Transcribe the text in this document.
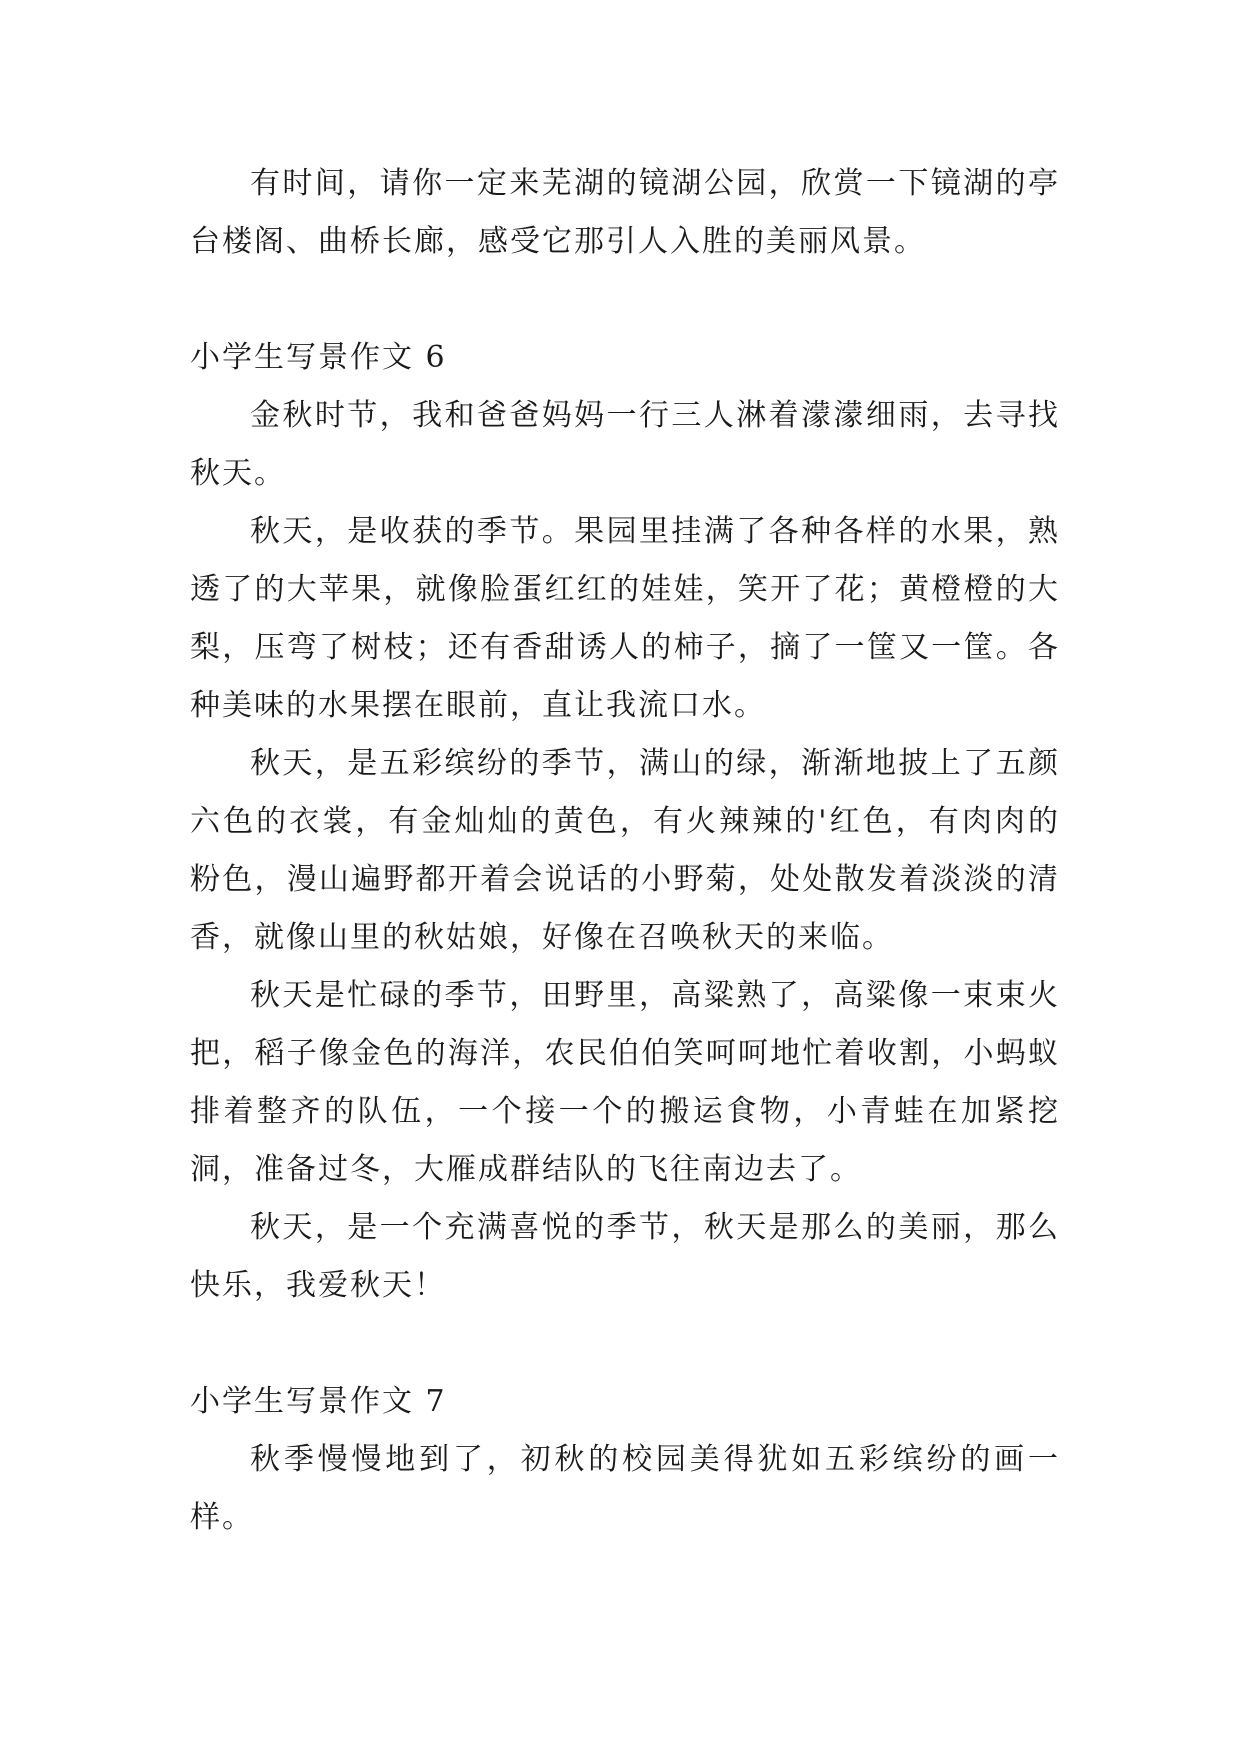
有时间，请你一定来芜湖的镜湖公园，欣赏一下镜湖的亭台楼阁、曲桥长廊，感受它那引人入胜的美丽风景。

小学生写景作文 6

金秋时节，我和爸爸妈妈一行三人淋着濛濛细雨，去寻找秋天。

秋天，是收获的季节。果园里挂满了各种各样的水果，熟透了的大苹果，就像脸蛋红红的娃娃，笑开了花；黄橙橙的大梨，压弯了树枝；还有香甜诱人的柿子，摘了一筐又一筐。各种美味的水果摆在眼前，直让我流口水。

秋天，是五彩缤纷的季节，满山的绿，渐渐地披上了五颜六色的衣裳，有金灿灿的黄色，有火辣辣的'红色，有肉肉的粉色，漫山遍野都开着会说话的小野菊，处处散发着淡淡的清香，就像山里的秋姑娘，好像在召唤秋天的来临。

秋天是忙碌的季节，田野里，高粱熟了，高粱像一束束火把，稻子像金色的海洋，农民伯伯笑呵呵地忙着收割，小蚂蚁排着整齐的队伍，一个接一个的搬运食物，小青蛙在加紧挖洞，准备过冬，大雁成群结队的飞往南边去了。

秋天，是一个充满喜悦的季节，秋天是那么的美丽，那么快乐，我爱秋天！

小学生写景作文 7

秋季慢慢地到了，初秋的校园美得犹如五彩缤纷的画一样。
